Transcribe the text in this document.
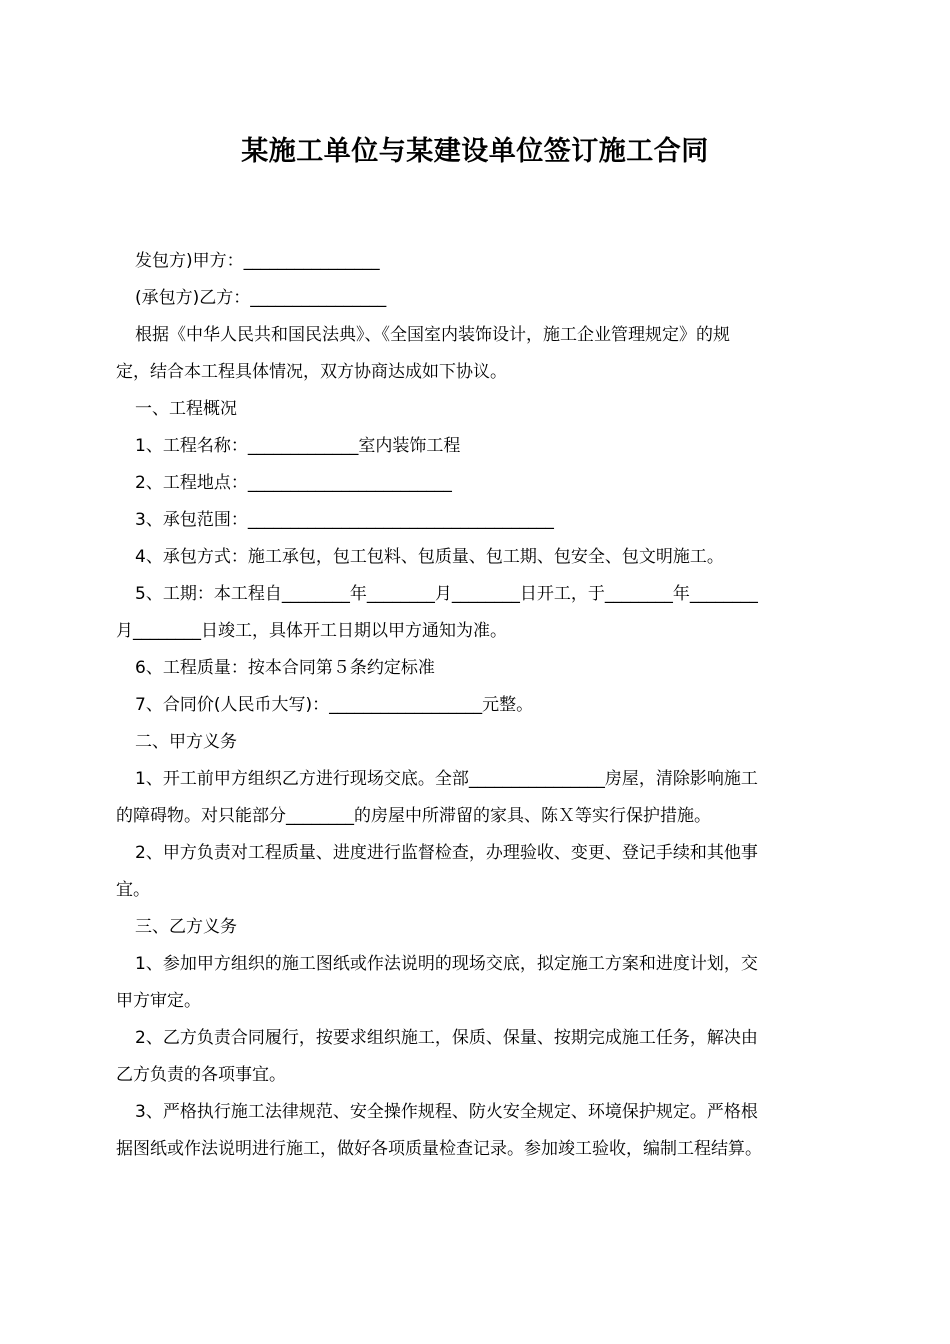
某施工单位与某建设单位签订施工合同
发包方)甲方：________________
(承包方)乙方：________________
根据《中华人民共和国民法典》、《全国室内装饰设计，施工企业管理规定》的规
定，结合本工程具体情况，双方协商达成如下协议。
一、工程概况
1、工程名称：_____________室内装饰工程
2、工程地点：________________________
3、承包范围：____________________________________
4、承包方式：施工承包，包工包料、包质量、包工期、包安全、包文明施工。
5、工期：本工程自________年________月________日开工，于________年________
月________日竣工，具体开工日期以甲方通知为准。
6、工程质量：按本合同第５条约定标准
7、合同价(人民币大写)：__________________元整。
二、甲方义务
1、开工前甲方组织乙方进行现场交底。全部________________房屋，清除影响施工
的障碍物。对只能部分________的房屋中所滞留的家具、陈Ｘ等实行保护措施。
2、甲方负责对工程质量、进度进行监督检查，办理验收、变更、登记手续和其他事
宜。
三、乙方义务
1、参加甲方组织的施工图纸或作法说明的现场交底，拟定施工方案和进度计划，交
甲方审定。
2、乙方负责合同履行，按要求组织施工，保质、保量、按期完成施工任务，解决由
乙方负责的各项事宜。
3、严格执行施工法律规范、安全操作规程、防火安全规定、环境保护规定。严格根
据图纸或作法说明进行施工，做好各项质量检查记录。参加竣工验收，编制工程结算。
